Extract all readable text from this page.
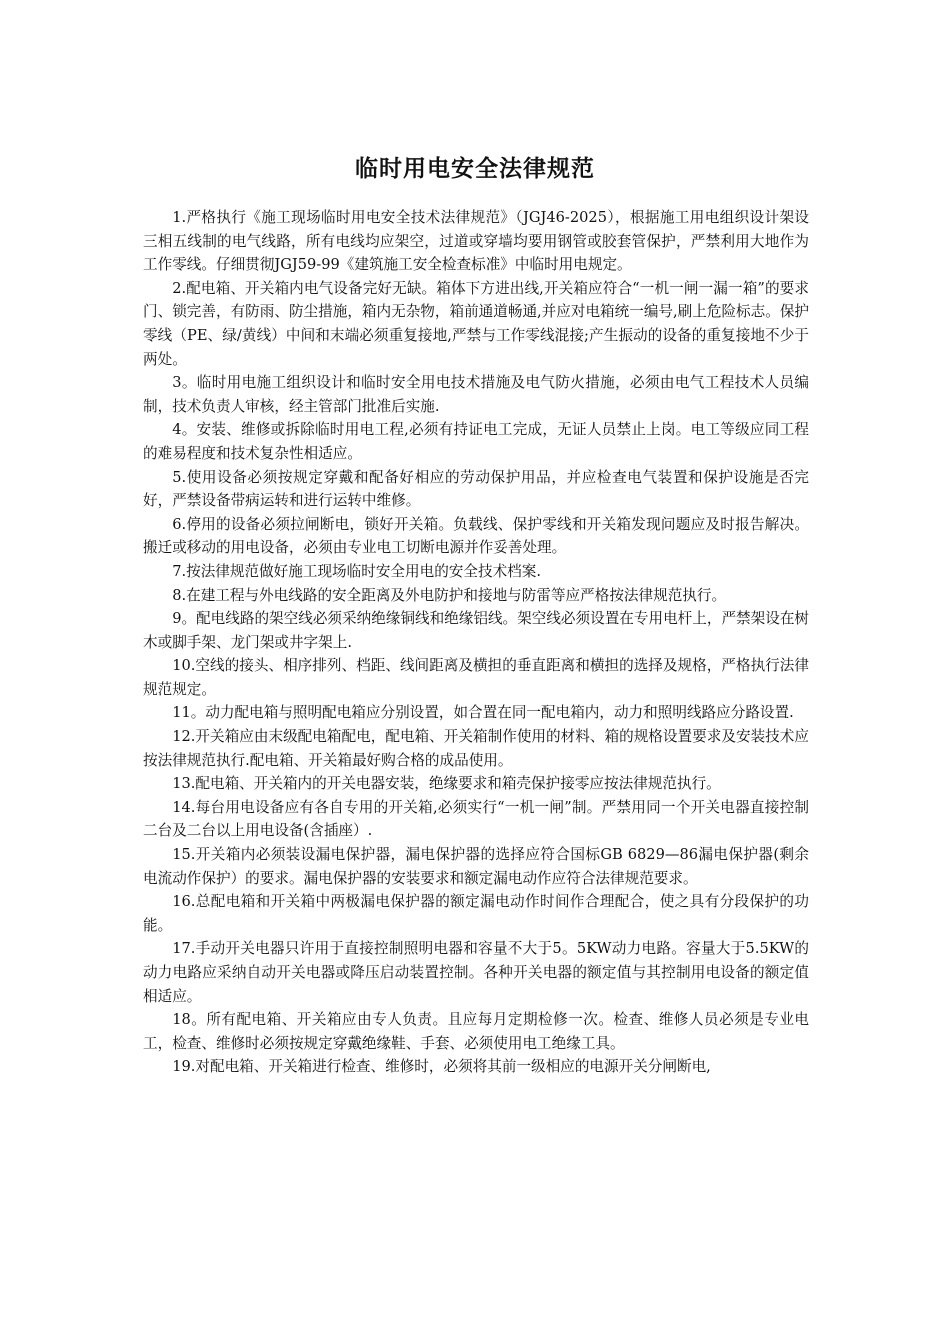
临时用电安全法律规范

1.严格执行《施工现场临时用电安全技术法律规范》（JGJ46-2025），根据施工用电组织设计架设三相五线制的电气线路，所有电线均应架空，过道或穿墙均要用钢管或胶套管保护，严禁利用大地作为工作零线。仔细贯彻JGJ59-99《建筑施工安全检查标准》中临时用电规定。

2.配电箱、开关箱内电气设备完好无缺。箱体下方进出线,开关箱应符合“一机一闸一漏一箱”的要求门、锁完善，有防雨、防尘措施，箱内无杂物，箱前通道畅通,并应对电箱统一编号,刷上危险标志。保护零线（PE、绿/黄线）中间和末端必须重复接地,严禁与工作零线混接;产生振动的设备的重复接地不少于两处。

3。临时用电施工组织设计和临时安全用电技术措施及电气防火措施，必须由电气工程技术人员编制，技术负责人审核，经主管部门批准后实施.

4。安装、维修或拆除临时用电工程,必须有持证电工完成，无证人员禁止上岗。电工等级应同工程的难易程度和技术复杂性相适应。

5.使用设备必须按规定穿戴和配备好相应的劳动保护用品，并应检查电气装置和保护设施是否完好，严禁设备带病运转和进行运转中维修。

6.停用的设备必须拉闸断电，锁好开关箱。负载线、保护零线和开关箱发现问题应及时报告解决。搬迁或移动的用电设备，必须由专业电工切断电源并作妥善处理。

7.按法律规范做好施工现场临时安全用电的安全技术档案.

8.在建工程与外电线路的安全距离及外电防护和接地与防雷等应严格按法律规范执行。

9。配电线路的架空线必须采纳绝缘铜线和绝缘铝线。架空线必须设置在专用电杆上，严禁架设在树木或脚手架、龙门架或井字架上.

10.空线的接头、相序排列、档距、线间距离及横担的垂直距离和横担的选择及规格，严格执行法律规范规定。

11。动力配电箱与照明配电箱应分别设置，如合置在同一配电箱内，动力和照明线路应分路设置.

12.开关箱应由末级配电箱配电，配电箱、开关箱制作使用的材料、箱的规格设置要求及安装技术应按法律规范执行.配电箱、开关箱最好购合格的成品使用。

13.配电箱、开关箱内的开关电器安装，绝缘要求和箱壳保护接零应按法律规范执行。

14.每台用电设备应有各自专用的开关箱,必须实行“一机一闸”制。严禁用同一个开关电器直接控制二台及二台以上用电设备(含插座）.

15.开关箱内必须装设漏电保护器，漏电保护器的选择应符合国标GB 6829—86漏电保护器(剩余电流动作保护）的要求。漏电保护器的安装要求和额定漏电动作应符合法律规范要求。

16.总配电箱和开关箱中两极漏电保护器的额定漏电动作时间作合理配合，使之具有分段保护的功能。

17.手动开关电器只许用于直接控制照明电器和容量不大于5。5KW动力电路。容量大于5.5KW的动力电路应采纳自动开关电器或降压启动装置控制。各种开关电器的额定值与其控制用电设备的额定值相适应。

18。所有配电箱、开关箱应由专人负责。且应每月定期检修一次。检查、维修人员必须是专业电工，检查、维修时必须按规定穿戴绝缘鞋、手套、必须使用电工绝缘工具。

19.对配电箱、开关箱进行检查、维修时，必须将其前一级相应的电源开关分闸断电,
